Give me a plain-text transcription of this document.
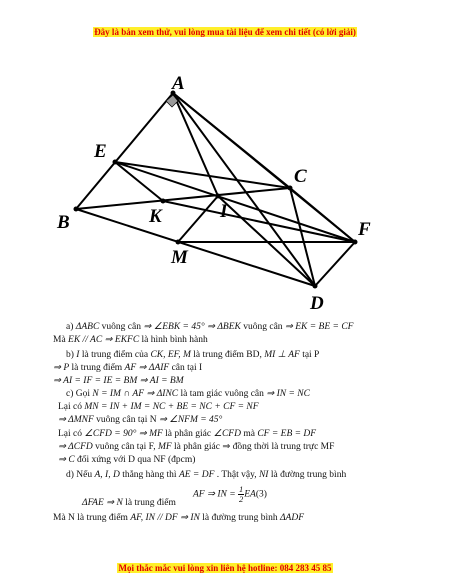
Đây là bản xem thử, vui lòng mua tài liệu để xem chi tiết (có lời giải)
A
E
C
B	K	I
F
M
D
a) ΔABC vuông cân ⇒ ∠EBK = 45° ⇒ ΔBEK vuông cân ⇒ EK = BE = CF
Mà EK // AC ⇒ EKFC là hình bình hành
b) I là trung điểm của CK, EF, M là trung điểm BD, MI ⊥ AF tại P
⇒ P là trung điểm AF ⇒ ΔAIF cân tại I
⇒ AI = IF = IE = BM ⇒ AI = BM
c) Gọi N = IM ∩ AF ⇒ ΔINC là tam giác vuông cân ⇒ IN = NC
Lại có MN = IN + IM = NC + BE = NC + CF = NF
⇒ ΔMNF vuông cân tại N ⇒ ∠NFM = 45°
Lại có ∠CFD = 90° ⇒ MF là phân giác ∠CFD mà CF = EB = DF
⇒ ΔCFD vuông cân tại F, MF là phân giác ⇒ đồng thời là trung trực MF
⇒ C đối xứng với D qua NF (đpcm)
d) Nếu A, I, D thẳng hàng thì AE = DF . Thật vậy, NI là đường trung bình
AF ⇒ IN = $\frac{1}{2} EA(3)$
ΔFAE ⇒ N là trung điểm
Mà N là trung điểm AF, IN // DF ⇒ IN là đường trung bình ΔADF
Mọi thắc mắc vui lòng xin liên hệ hotline: 084 283 45 85
